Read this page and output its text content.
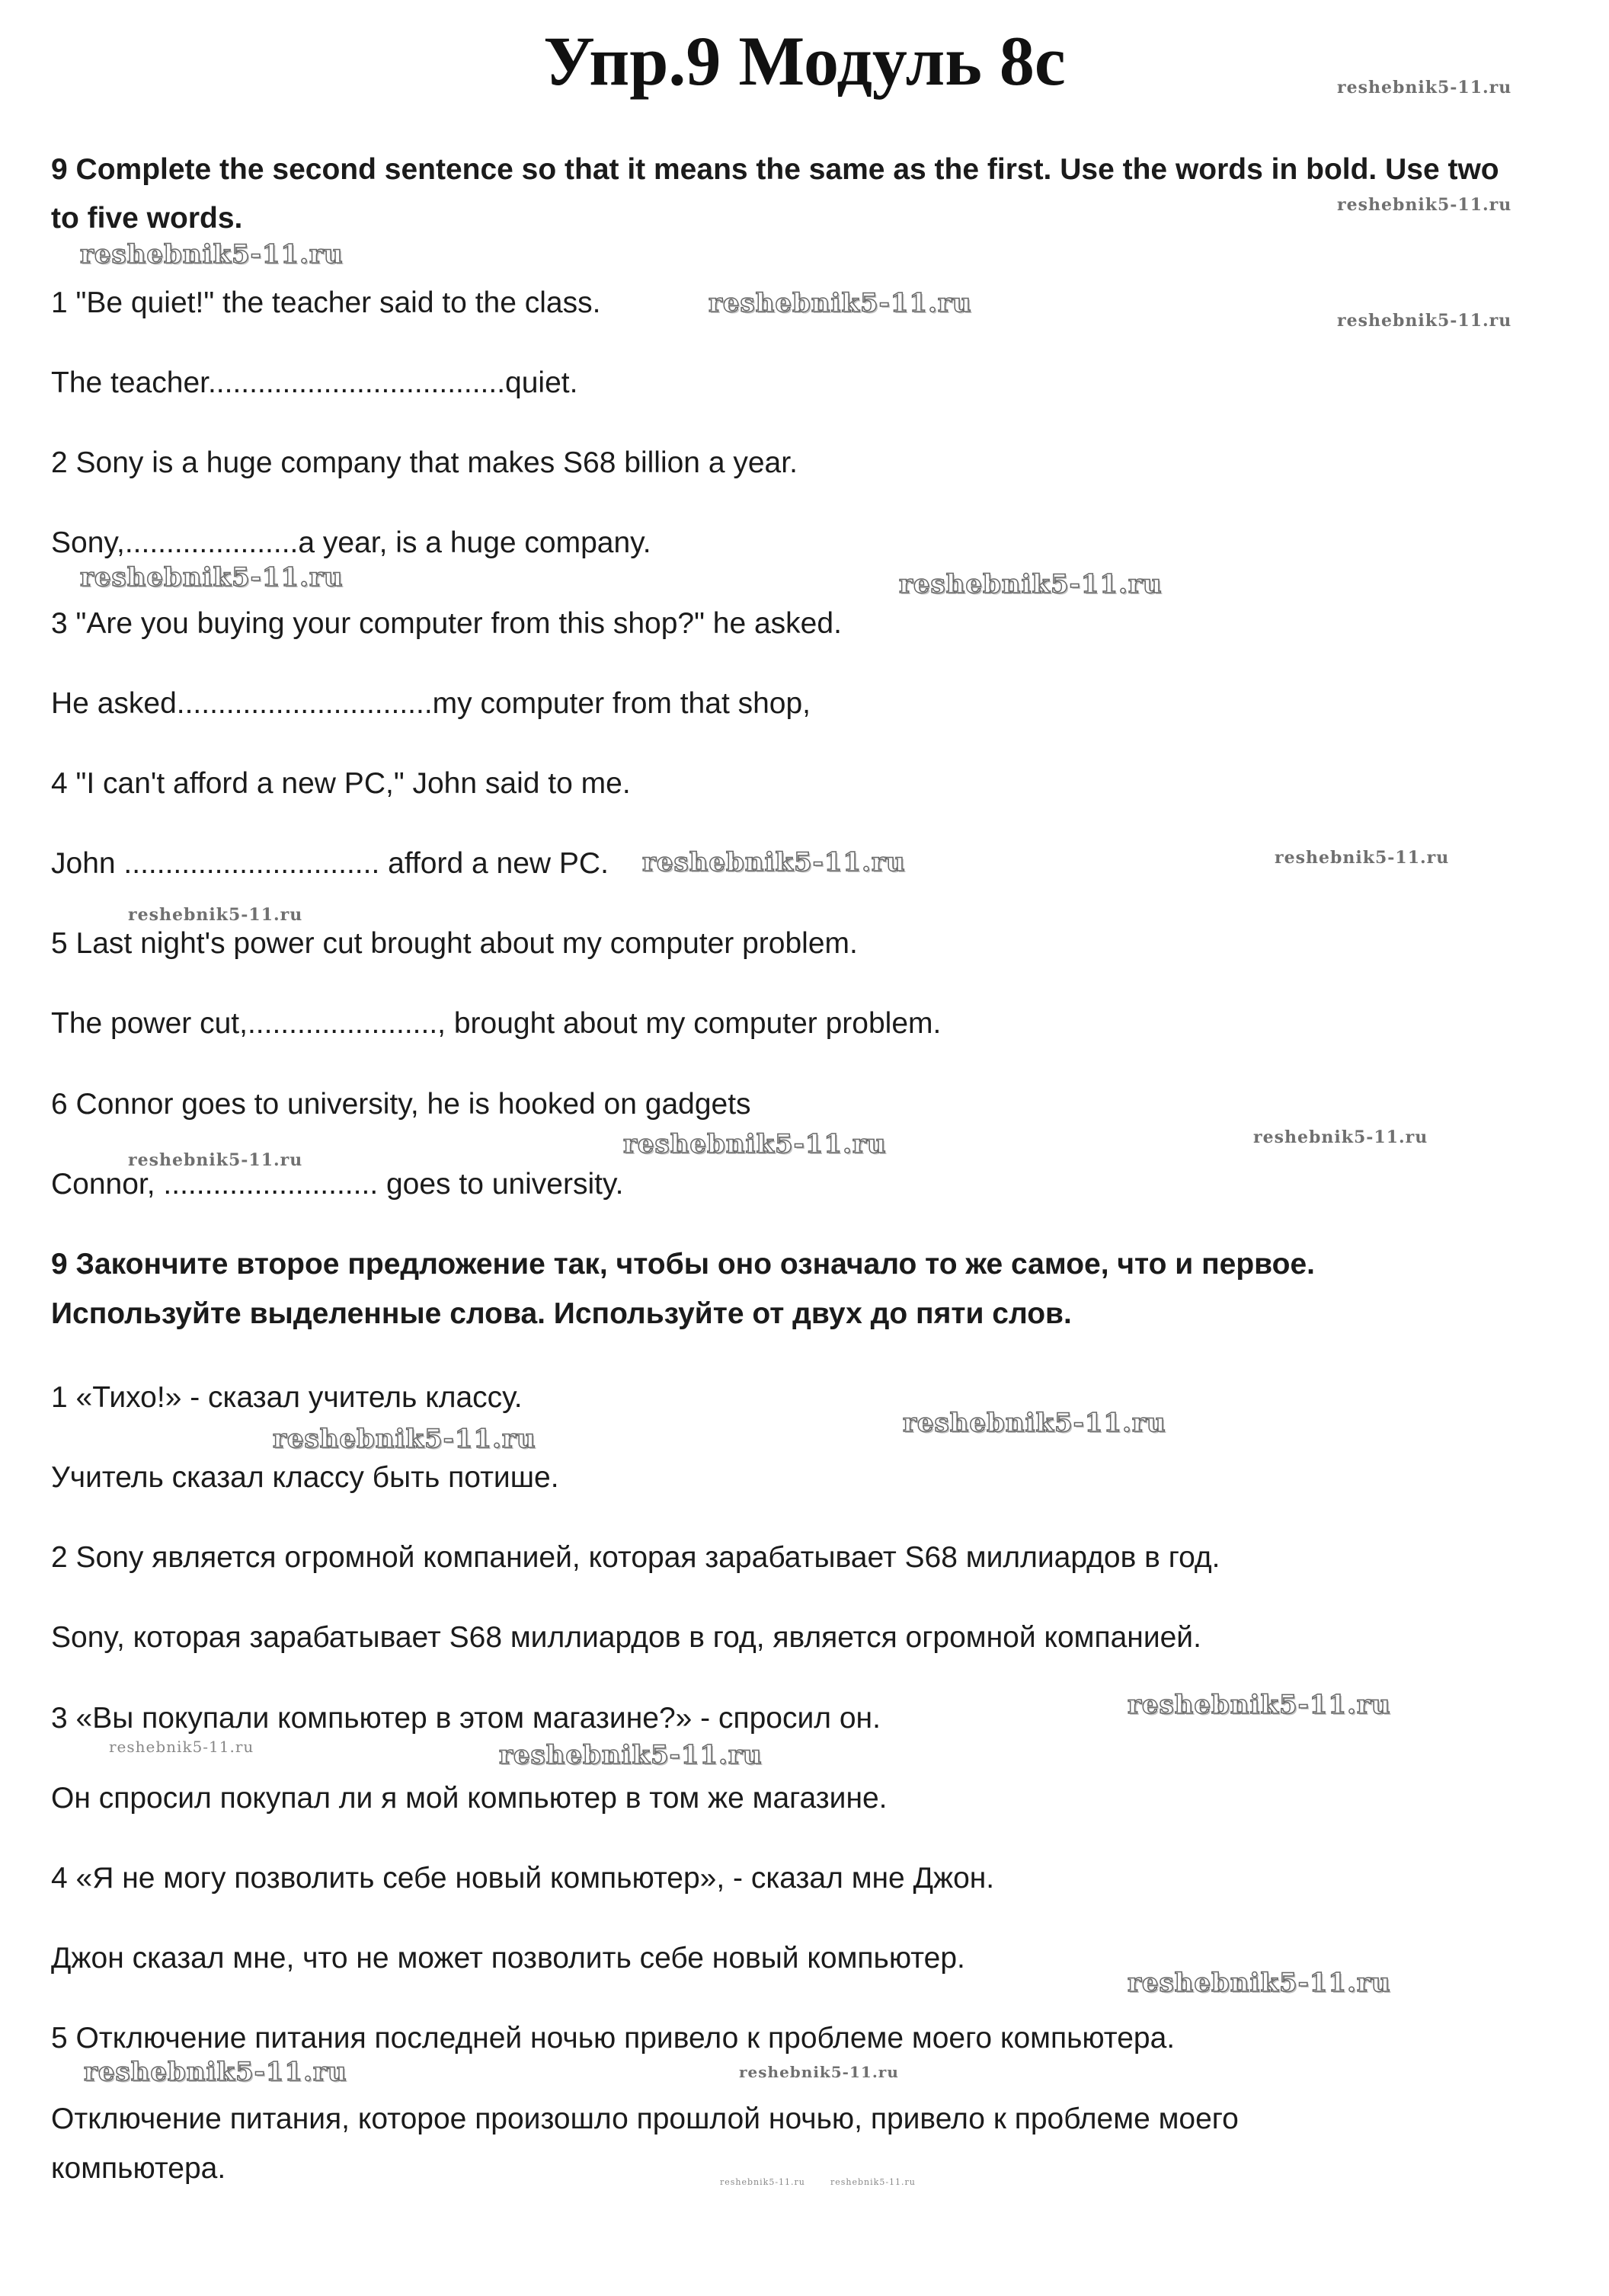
Упр.9 Модуль 8c
9 Complete the second sentence so that it means the same as the first. Use the words in bold. Use two
to five words.
1 "Be quiet!" the teacher said to the class.
The teacher....................................quiet.
2 Sony is a huge company that makes S68 billion a year.
Sony,.....................a year, is a huge company.
3 "Are you buying your computer from this shop?" he asked.
He asked...............................my computer from that shop,
4 "I can't afford a new PC," John said to me.
John ............................... afford a new PC.
5 Last night's power cut brought about my computer problem.
The power cut,......................., brought about my computer problem.
6 Connor goes to university, he is hooked on gadgets
Connor, .......................... goes to university.
9 Закончите второе предложение так, чтобы оно означало то же самое, что и первое.
Используйте выделенные слова. Используйте от двух до пяти слов.
1 «Тихо!» - сказал учитель классу.
Учитель сказал классу быть потише.
2 Sony является огромной компанией, которая зарабатывает S68 миллиардов в год.
Sony, которая зарабатывает S68 миллиардов в год, является огромной компанией.
3 «Вы покупали компьютер в этом магазине?» - спросил он.
Он спросил покупал ли я мой компьютер в том же магазине.
4 «Я не могу позволить себе новый компьютер», - сказал мне Джон.
Джон сказал мне, что не может позволить себе новый компьютер.
5 Отключение питания последней ночью привело к проблеме моего компьютера.
Отключение питания, которое произошло прошлой ночью, привело к проблеме моего
компьютера.
reshebnik5-11.ru
reshebnik5-11.ru
reshebnik5-11.ru
reshebnik5-11.ru
reshebnik5-11.ru
reshebnik5-11.ru	reshebnik5-11.ru
reshebnik5-11.ru	reshebnik5-11.ru
reshebnik5-11.ru
reshebnik5-11.ru	reshebnik5-11.ru
reshebnik5-11.ru
reshebnik5-11.ru
reshebnik5-11.ru
reshebnik5-11.ru
reshebnik5-11.ru	reshebnik5-11.ru
reshebnik5-11.ru
reshebnik5-11.ru	reshebnik5-11.ru
reshebnik5-11.ru	reshebnik5-11.ru
